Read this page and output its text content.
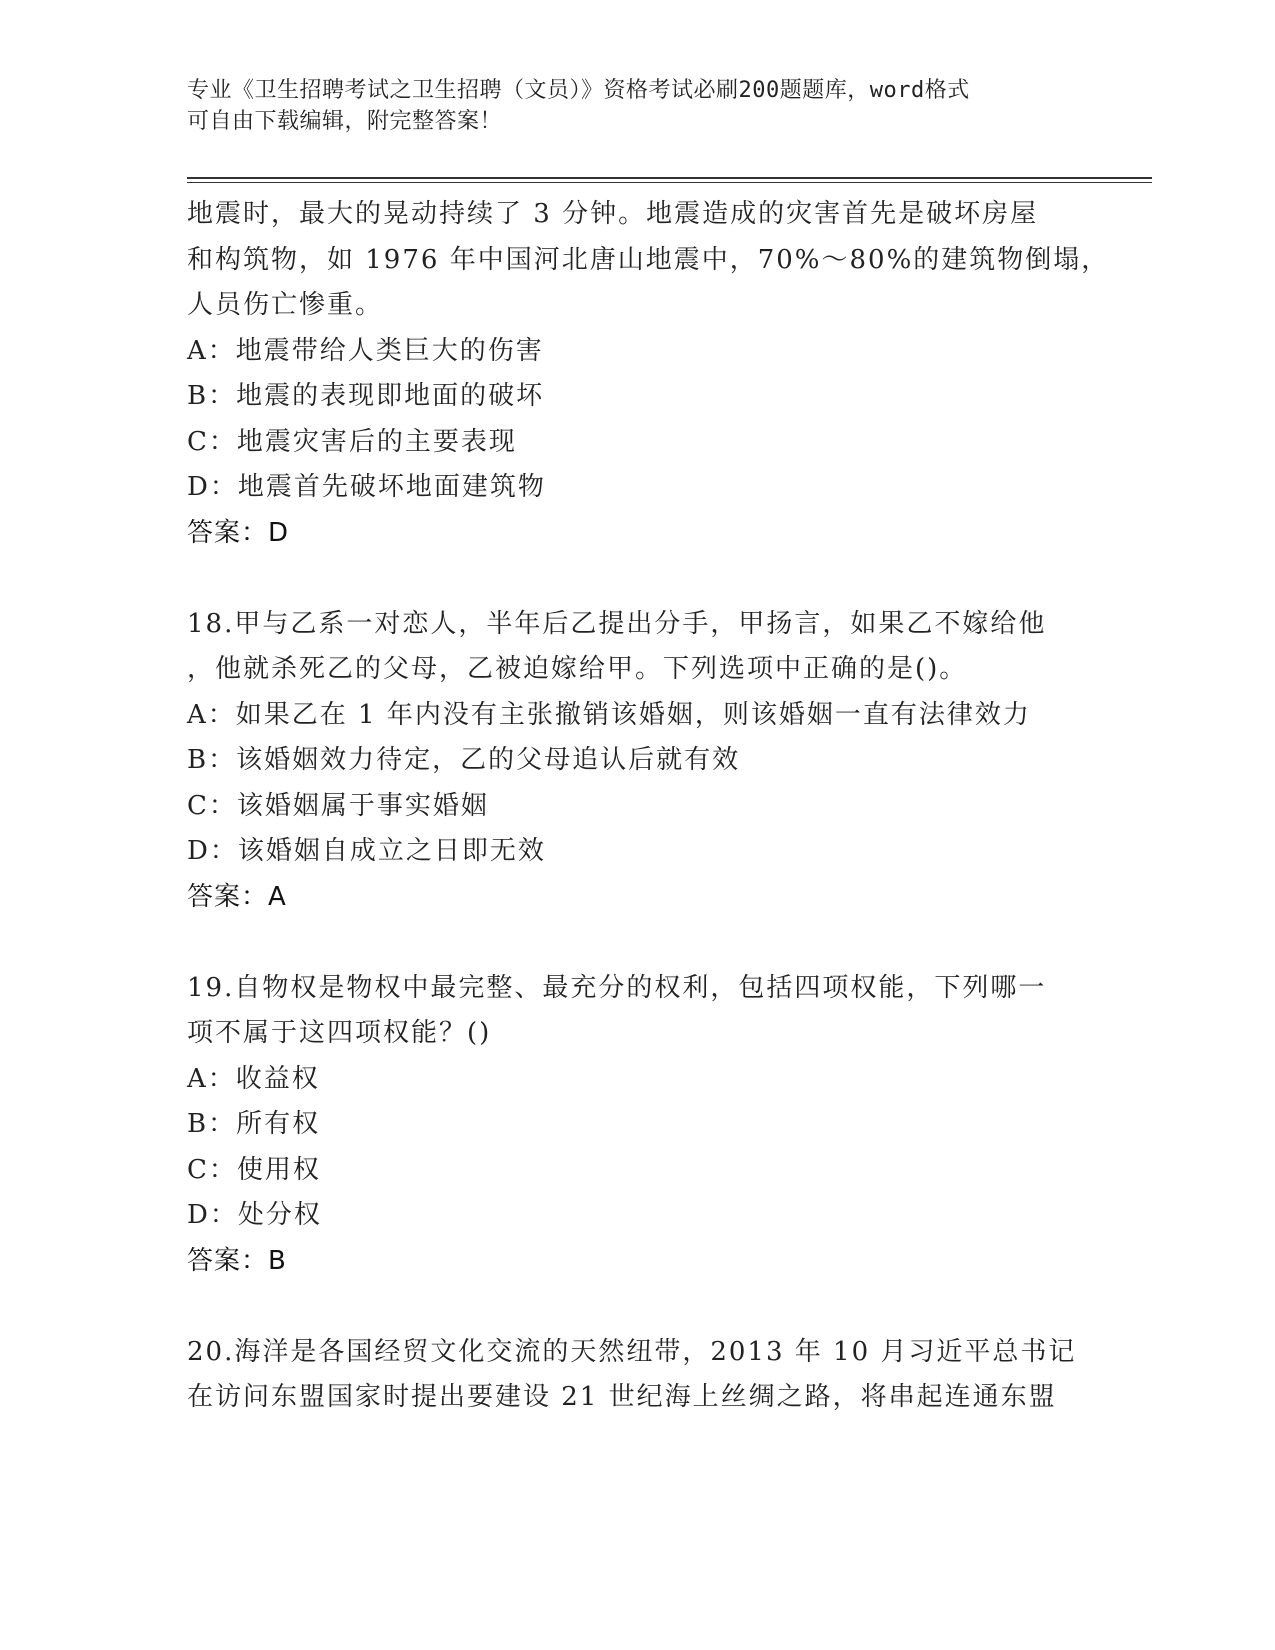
专业《卫生招聘考试之卫生招聘（文员）》资格考试必刷200题题库，word格式
可自由下载编辑，附完整答案！
地震时，最大的晃动持续了 3 分钟。地震造成的灾害首先是破坏房屋
和构筑物，如 1976 年中国河北唐山地震中，70%～80%的建筑物倒塌，
人员伤亡惨重。
A：地震带给人类巨大的伤害
B：地震的表现即地面的破坏
C：地震灾害后的主要表现
D：地震首先破坏地面建筑物
答案：D
18.甲与乙系一对恋人，半年后乙提出分手，甲扬言，如果乙不嫁给他
，他就杀死乙的父母，乙被迫嫁给甲。下列选项中正确的是()。
A：如果乙在 1 年内没有主张撤销该婚姻，则该婚姻一直有法律效力
B：该婚姻效力待定，乙的父母追认后就有效
C：该婚姻属于事实婚姻
D：该婚姻自成立之日即无效
答案：A
19.自物权是物权中最完整、最充分的权利，包括四项权能，下列哪一
项不属于这四项权能？()
A：收益权
B：所有权
C：使用权
D：处分权
答案：B
20.海洋是各国经贸文化交流的天然纽带，2013 年 10 月习近平总书记
在访问东盟国家时提出要建设 21 世纪海上丝绸之路，将串起连通东盟
